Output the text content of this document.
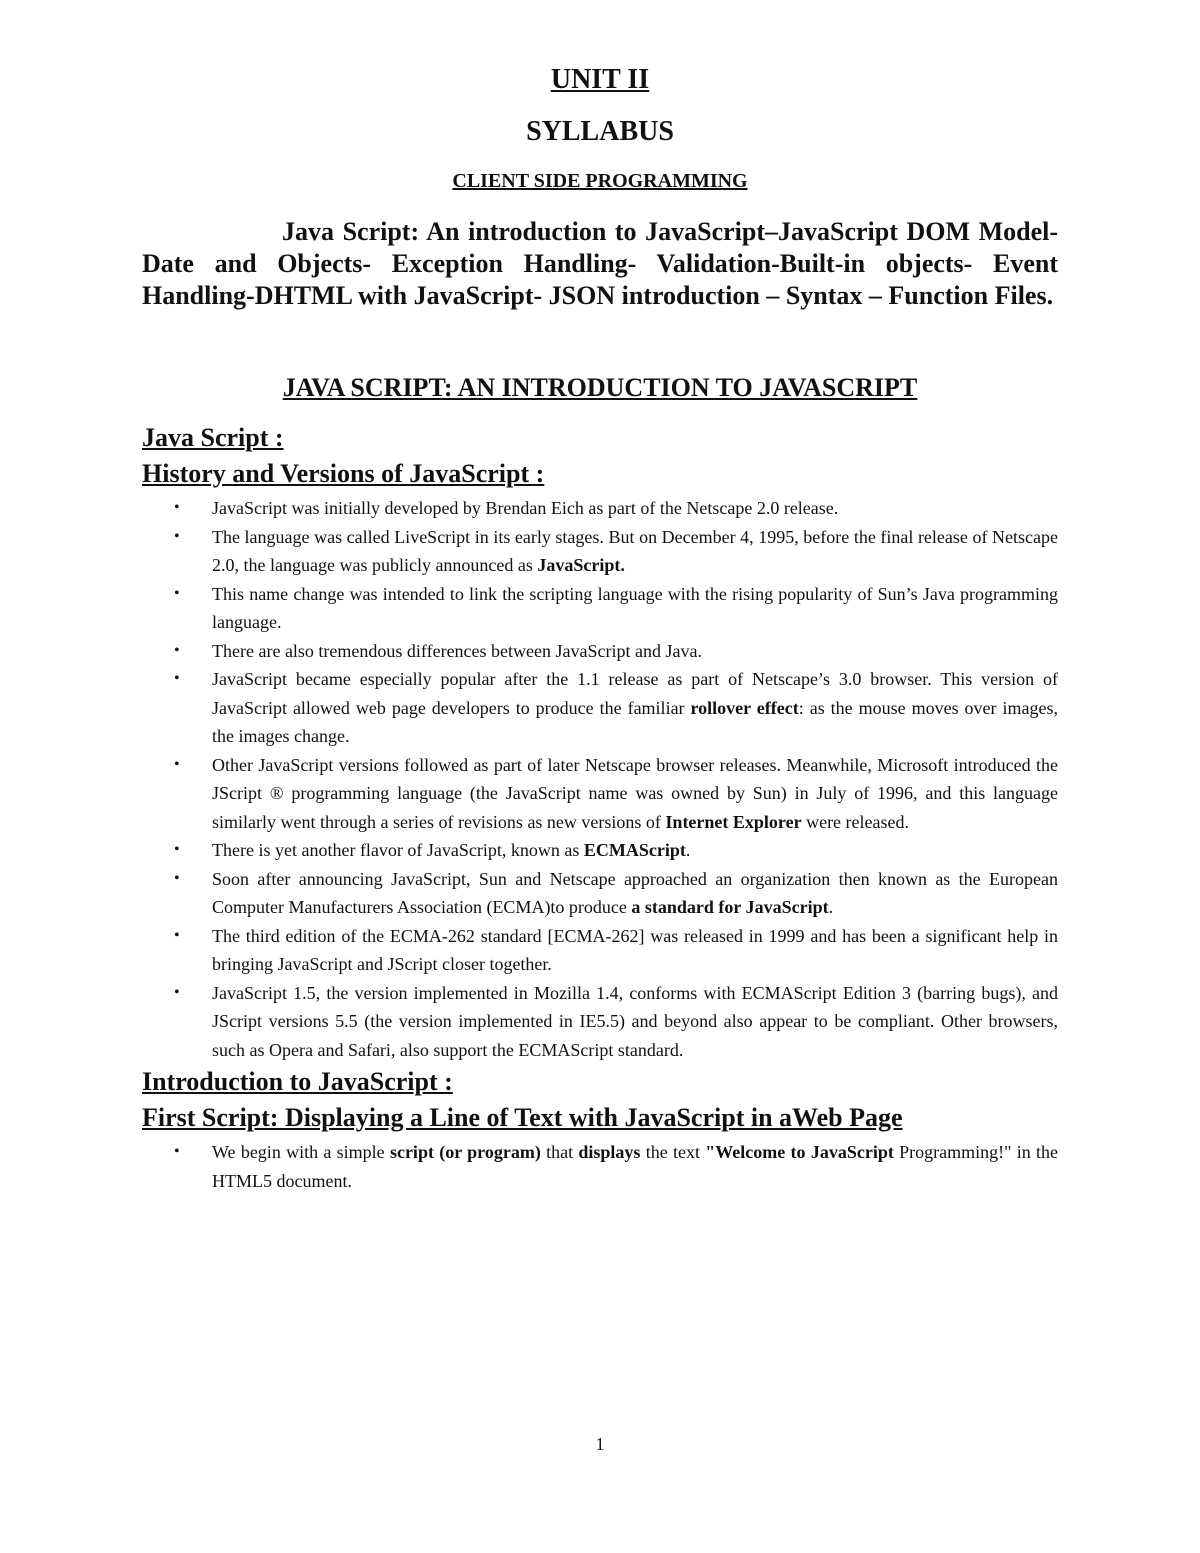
UNIT II
SYLLABUS
CLIENT SIDE PROGRAMMING

Java Script: An introduction to JavaScript–JavaScript DOM Model-Date and Objects- Exception Handling- Validation-Built-in objects- Event Handling-DHTML with JavaScript- JSON introduction – Syntax – Function Files.

JAVA SCRIPT: AN INTRODUCTION TO JAVASCRIPT
Java Script :
History and Versions of JavaScript :
• JavaScript was initially developed by Brendan Eich as part of the Netscape 2.0 release.
• The language was called LiveScript in its early stages. But on December 4, 1995, before the final release of Netscape 2.0, the language was publicly announced as JavaScript.
• This name change was intended to link the scripting language with the rising popularity of Sun’s Java programming language.
• There are also tremendous differences between JavaScript and Java.
• JavaScript became especially popular after the 1.1 release as part of Netscape’s 3.0 browser. This version of JavaScript allowed web page developers to produce the familiar rollover effect: as the mouse moves over images, the images change.
• Other JavaScript versions followed as part of later Netscape browser releases. Meanwhile, Microsoft introduced the JScript ® programming language (the JavaScript name was owned by Sun) in July of 1996, and this language similarly went through a series of revisions as new versions of Internet Explorer were released.
• There is yet another flavor of JavaScript, known as ECMAScript.
• Soon after announcing JavaScript, Sun and Netscape approached an organization then known as the European Computer Manufacturers Association (ECMA)to produce a standard for JavaScript.
• The third edition of the ECMA-262 standard [ECMA-262] was released in 1999 and has been a significant help in bringing JavaScript and JScript closer together.
• JavaScript 1.5, the version implemented in Mozilla 1.4, conforms with ECMAScript Edition 3 (barring bugs), and JScript versions 5.5 (the version implemented in IE5.5) and beyond also appear to be compliant. Other browsers, such as Opera and Safari, also support the ECMAScript standard.
Introduction to JavaScript :
First Script: Displaying a Line of Text with JavaScript in aWeb Page
• We begin with a simple script (or program) that displays the text "Welcome to JavaScript Programming!" in the HTML5 document.
1
